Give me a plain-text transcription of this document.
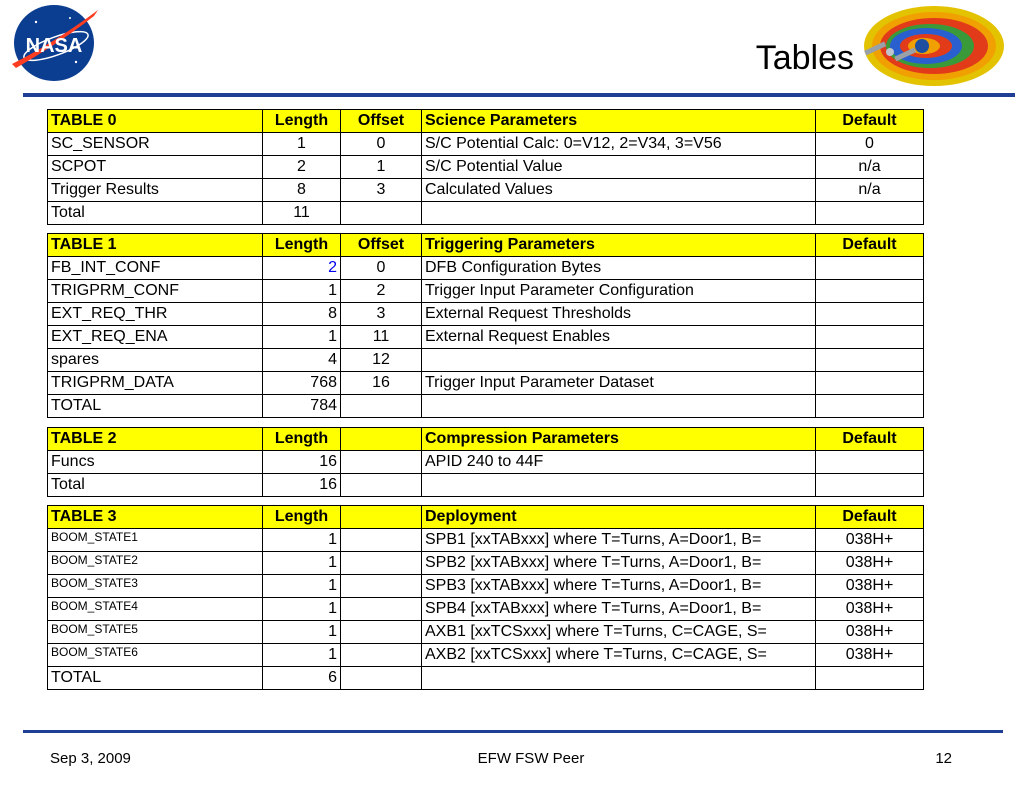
NASA	Tables
TABLE 0	Length	Offset	Science Parameters	Default
SC_SENSOR	1	0	S/C Potential Calc: 0=V12, 2=V34, 3=V56	0
SCPOT	2	1	S/C Potential Value	n/a
Trigger Results	8	3	Calculated Values	n/a
Total	11			
TABLE 1	Length	Offset	Triggering Parameters	Default
FB_INT_CONF	2	0	DFB Configuration Bytes	
TRIGPRM_CONF	1	2	Trigger Input Parameter Configuration	
EXT_REQ_THR	8	3	External Request Thresholds	
EXT_REQ_ENA	1	11	External Request Enables	
spares	4	12		
TRIGPRM_DATA	768	16	Trigger Input Parameter Dataset	
TOTAL	784			
TABLE 2	Length		Compression Parameters	Default
Funcs	16		APID 240 to 44F	
Total	16			
TABLE 3	Length		Deployment	Default
BOOM_STATE1	1		SPB1 [xxTABxxx] where T=Turns, A=Door1, B=	038H+
BOOM_STATE2	1		SPB2 [xxTABxxx] where T=Turns, A=Door1, B=	038H+
BOOM_STATE3	1		SPB3 [xxTABxxx] where T=Turns, A=Door1, B=	038H+
BOOM_STATE4	1		SPB4 [xxTABxxx] where T=Turns, A=Door1, B=	038H+
BOOM_STATE5	1		AXB1 [xxTCSxxx] where T=Turns, C=CAGE, S=	038H+
BOOM_STATE6	1		AXB2 [xxTCSxxx] where T=Turns, C=CAGE, S=	038H+
TOTAL	6			
Sep 3, 2009	EFW FSW Peer	12
